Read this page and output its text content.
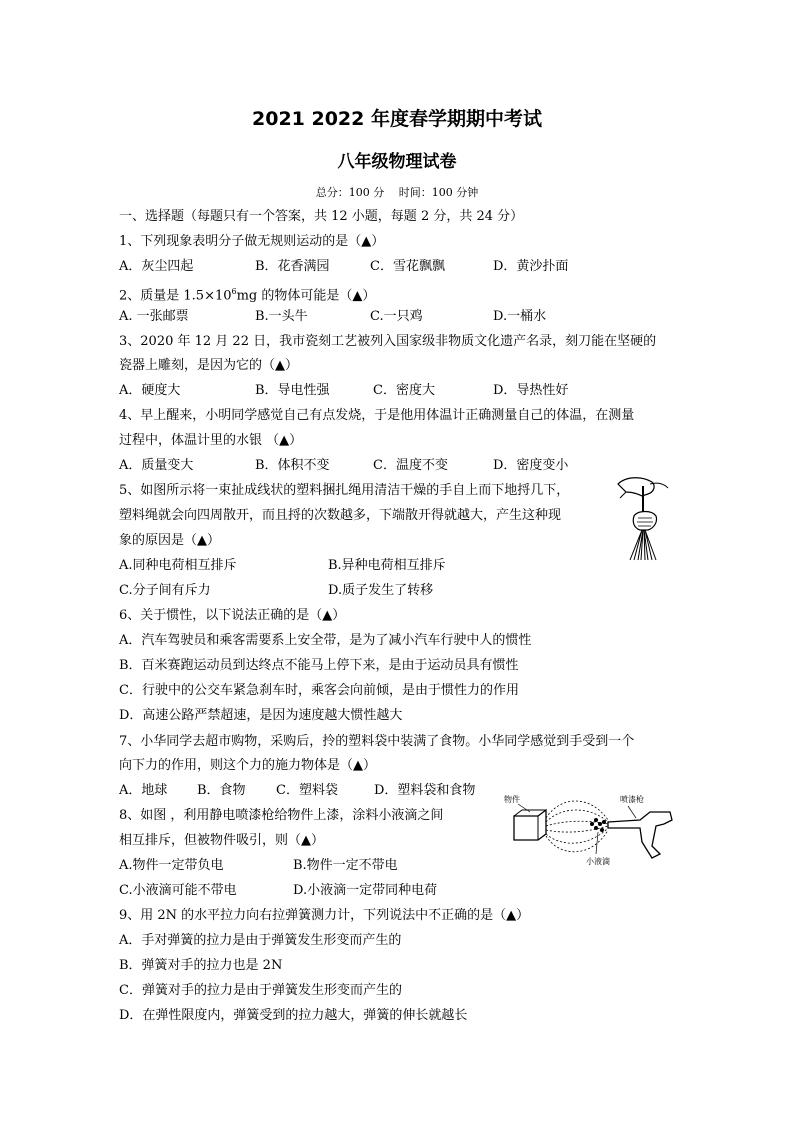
2021 2022 年度春学期期中考试
八年级物理试卷
总分：100 分　 时间：100 分钟
一、选择题（每题只有一个答案，共 12 小题，每题 2 分，共 24 分）
1、下列现象表明分子做无规则运动的是（▲）
A．灰尘四起	B．花香满园	C．雪花飘飘	D．黄沙扑面
2、质量是 $1.5\times 10^6mg$ 的物体可能是（▲）
A. 一张邮票	B.一头牛	C.一只鸡	D.一桶水
3、2020 年 12 月 22 日，我市瓷刻工艺被列入国家级非物质文化遗产名录，刻刀能在坚硬的
瓷器上雕刻，是因为它的（▲）
A．硬度大	B．导电性强	C．密度大	D．导热性好
4、早上醒来，小明同学感觉自己有点发烧，于是他用体温计正确测量自己的体温，在测量
过程中，体温计里的水银 （▲）
A．质量变大	B．体积不变	C．温度不变	D．密度变小
5、如图所示将一束扯成线状的塑料捆扎绳用清洁干燥的手自上而下地捋几下，
塑料绳就会向四周散开，而且捋的次数越多，下端散开得就越大，产生这种现
象的原因是（▲）
A.同种电荷相互排斥	B.异种电荷相互排斥
C.分子间有斥力	D.质子发生了转移
6、关于惯性，以下说法正确的是（▲）
A．汽车驾驶员和乘客需要系上安全带，是为了减小汽车行驶中人的惯性
B．百米赛跑运动员到达终点不能马上停下来，是由于运动员具有惯性
C．行驶中的公交车紧急刹车时，乘客会向前倾，是由于惯性力的作用
D．高速公路严禁超速，是因为速度越大惯性越大
7、小华同学去超市购物，采购后，拎的塑料袋中装满了食物。小华同学感觉到手受到一个
向下力的作用，则这个力的施力物体是（▲）
A．地球 B．食物 C．塑料袋	D．塑料袋和食物
8、如图 ，利用静电喷漆枪给物件上漆，涂料小液滴之间
相互排斥，但被物件吸引，则（▲）
A.物件一定带负电	B.物件一定不带电
C.小液滴可能不带电	D.小液滴一定带同种电荷
物件	喷漆枪
小液滴
9、用 2N 的水平拉力向右拉弹簧测力计，下列说法中不正确的是（▲）
A．手对弹簧的拉力是由于弹簧发生形变而产生的
B．弹簧对手的拉力也是 2N
C．弹簧对手的拉力是由于弹簧发生形变而产生的
D．在弹性限度内，弹簧受到的拉力越大，弹簧的伸长就越长
